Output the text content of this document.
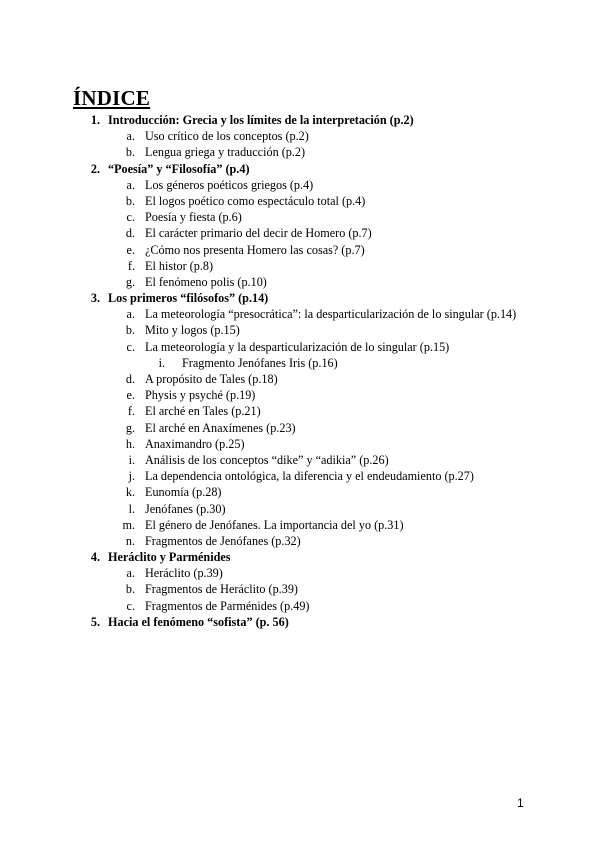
ÍNDICE
1. Introducción: Grecia y los límites de la interpretación (p.2)
a. Uso crítico de los conceptos (p.2)
b. Lengua griega y traducción (p.2)
2. “Poesía” y “Filosofía” (p.4)
a. Los géneros poéticos griegos (p.4)
b. El logos poético como espectáculo total (p.4)
c. Poesía y fiesta (p.6)
d. El carácter primario del decir de Homero (p.7)
e. ¿Cómo nos presenta Homero las cosas? (p.7)
f. El histor (p.8)
g. El fenómeno polis (p.10)
3. Los primeros “filósofos” (p.14)
a. La meteorología “presocrática”: la desparticularización de lo singular (p.14)
b. Mito y logos (p.15)
c. La meteorología y la desparticularización de lo singular (p.15)
i. Fragmento Jenófanes Iris (p.16)
d. A propósito de Tales (p.18)
e. Physis y psyché (p.19)
f. El arché en Tales (p.21)
g. El arché en Anaxímenes (p.23)
h. Anaximandro (p.25)
i. Análisis de los conceptos “dike” y “adikia” (p.26)
j. La dependencia ontológica, la diferencia y el endeudamiento (p.27)
k. Eunomía (p.28)
l. Jenófanes (p.30)
m. El género de Jenófanes. La importancia del yo (p.31)
n. Fragmentos de Jenófanes (p.32)
4. Heráclito y Parménides
a. Heráclito (p.39)
b. Fragmentos de Heráclito (p.39)
c. Fragmentos de Parménides (p.49)
5. Hacia el fenómeno “sofista” (p. 56)
1
